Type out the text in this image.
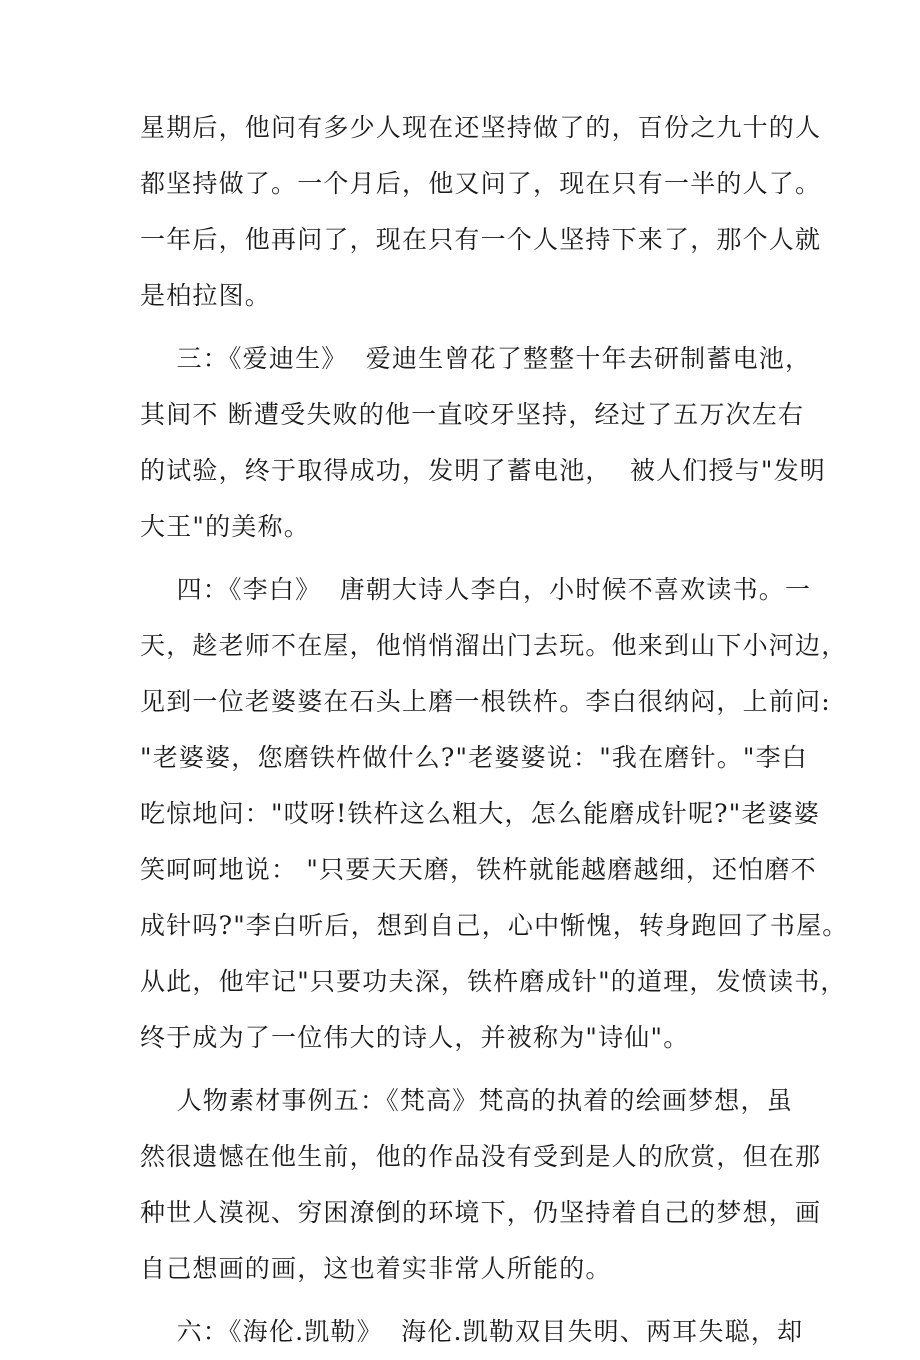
星期后，他问有多少人现在还坚持做了的，百份之九十的人
都坚持做了。一个月后，他又问了，现在只有一半的人了。
一年后，他再问了，现在只有一个人坚持下来了，那个人就
是柏拉图。
三：《爱迪生》  爱迪生曾花了整整十年去研制蓄电池，
其间不 断遭受失败的他一直咬牙坚持，经过了五万次左右
的试验，终于取得成功，发明了蓄电池，  被人们授与"发明
大王"的美称。
四：《李白》  唐朝大诗人李白，小时候不喜欢读书。一
天，趁老师不在屋，他悄悄溜出门去玩。他来到山下小河边，
见到一位老婆婆在石头上磨一根铁杵。李白很纳闷，上前问:
"老婆婆，您磨铁杵做什么?"老婆婆说："我在磨针。"李白
吃惊地问："哎呀!铁杵这么粗大，怎么能磨成针呢?"老婆婆
笑呵呵地说： "只要天天磨，铁杵就能越磨越细，还怕磨不
成针吗?"李白听后，想到自己，心中惭愧，转身跑回了书屋。
从此，他牢记"只要功夫深，铁杵磨成针"的道理，发愤读书，
终于成为了一位伟大的诗人，并被称为"诗仙"。
人物素材事例五：《梵高》梵高的执着的绘画梦想，虽
然很遗憾在他生前，他的作品没有受到是人的欣赏，但在那
种世人漠视、穷困潦倒的环境下，仍坚持着自己的梦想，画
自己想画的画，这也着实非常人所能的。
六：《海伦.凯勒》  海伦.凯勒双目失明、两耳失聪，却
